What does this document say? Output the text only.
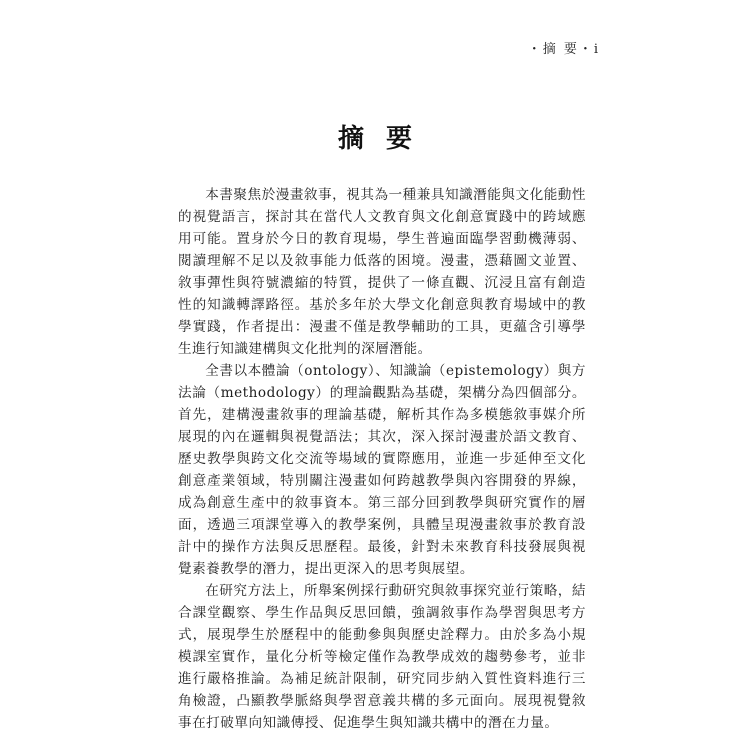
・摘 要・i
摘要

本書聚焦於漫畫敘事，視其為一種兼具知識潛能與文化能動性的視覺語言，探討其在當代人文教育與文化創意實踐中的跨域應用可能。置身於今日的教育現場，學生普遍面臨學習動機薄弱、閱讀理解不足以及敘事能力低落的困境。漫畫，憑藉圖文並置、敘事彈性與符號濃縮的特質，提供了一條直觀、沉浸且富有創造性的知識轉譯路徑。基於多年於大學文化創意與教育場域中的教學實踐，作者提出：漫畫不僅是教學輔助的工具，更蘊含引導學生進行知識建構與文化批判的深層潛能。

全書以本體論（ontology）、知識論（epistemology）與方法論（methodology）的理論觀點為基礎，架構分為四個部分。首先，建構漫畫敘事的理論基礎，解析其作為多模態敘事媒介所展現的內在邏輯與視覺語法；其次，深入探討漫畫於語文教育、歷史教學與跨文化交流等場域的實際應用，並進一步延伸至文化創意產業領域，特別關注漫畫如何跨越教學與內容開發的界線，成為創意生產中的敘事資本。第三部分回到教學與研究實作的層面，透過三項課堂導入的教學案例，具體呈現漫畫敘事於教育設計中的操作方法與反思歷程。最後，針對未來教育科技發展與視覺素養教學的潛力，提出更深入的思考與展望。

在研究方法上，所舉案例採行動研究與敘事探究並行策略，結合課堂觀察、學生作品與反思回饋，強調敘事作為學習與思考方式，展現學生於歷程中的能動參與與歷史詮釋力。由於多為小規模課室實作，量化分析等檢定僅作為教學成效的趨勢參考，並非進行嚴格推論。為補足統計限制，研究同步納入質性資料進行三角檢證，凸顯教學脈絡與學習意義共構的多元面向。展現視覺敘事在打破單向知識傳授、促進學生與知識共構中的潛在力量。
